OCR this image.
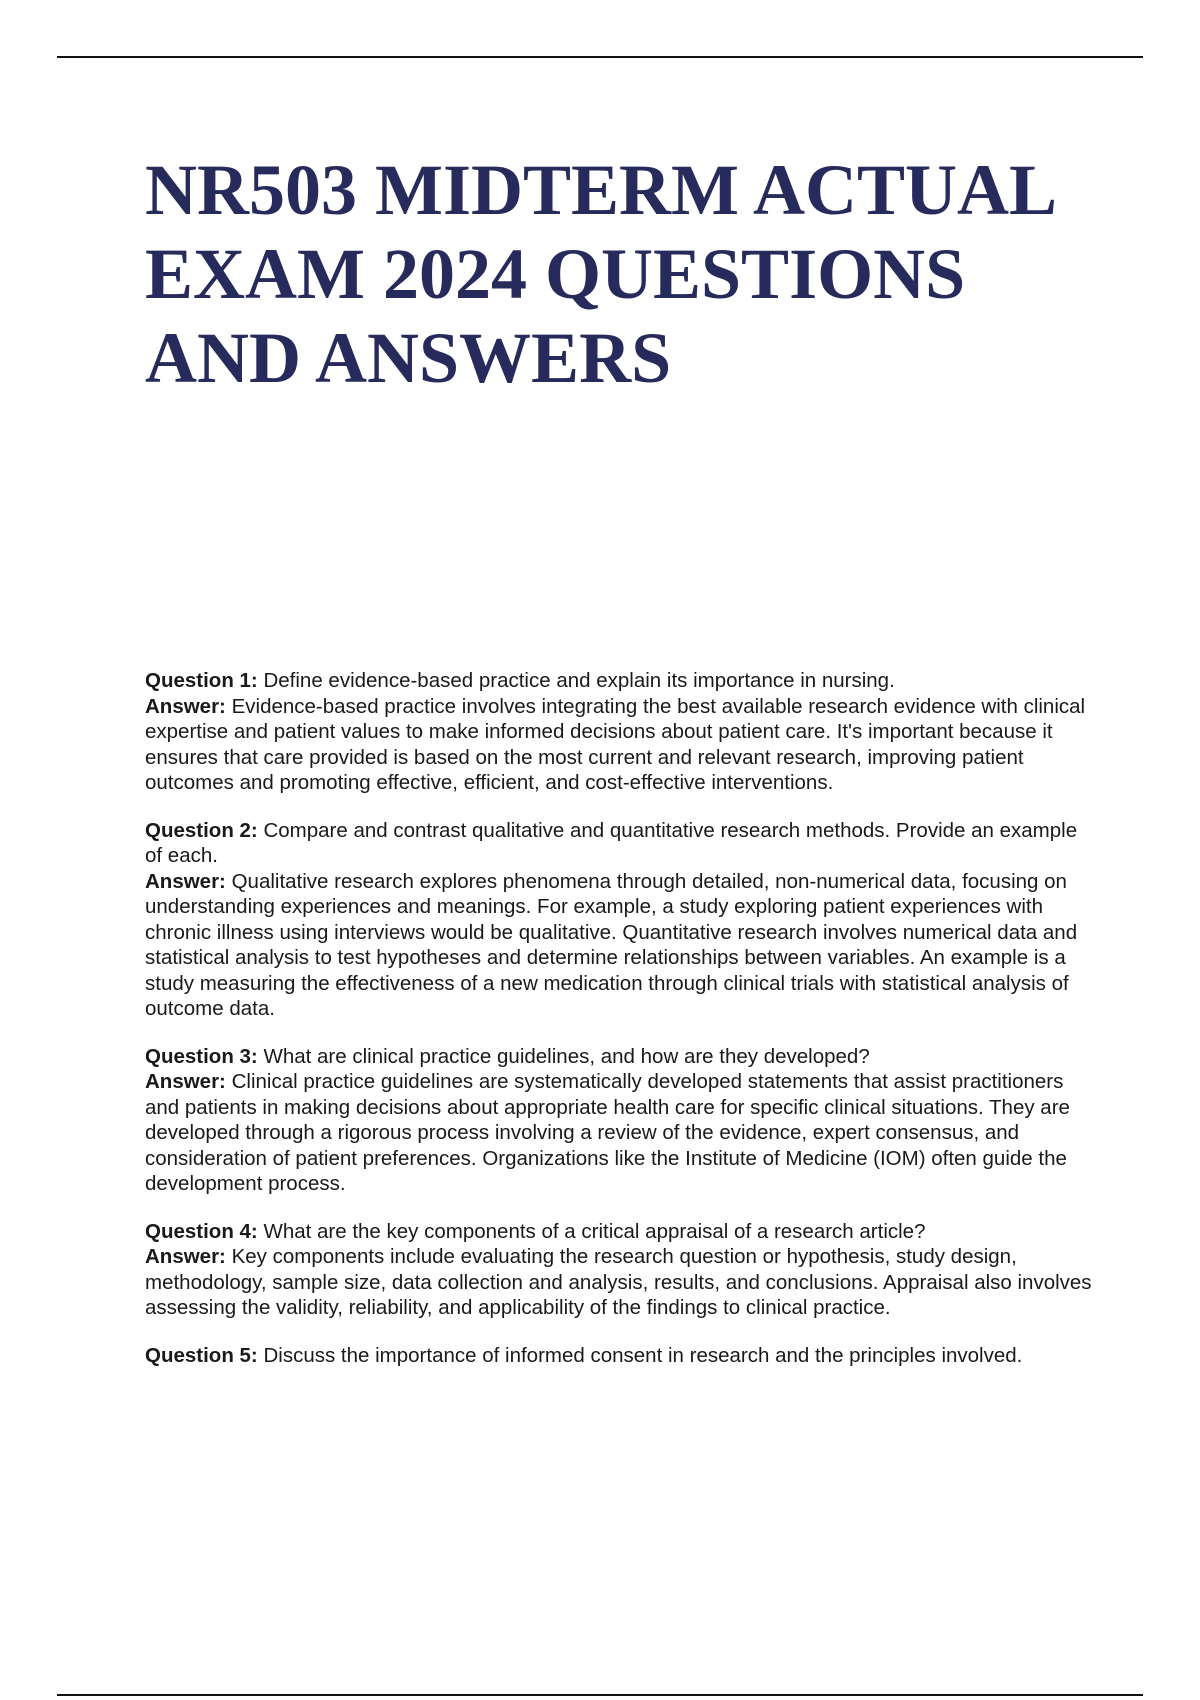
NR503 MIDTERM ACTUAL
EXAM 2024 QUESTIONS
AND ANSWERS

Question 1: Define evidence-based practice and explain its importance in nursing.

Answer: Evidence-based practice involves integrating the best available research evidence with clinical expertise and patient values to make informed decisions about patient care. It's important because it ensures that care provided is based on the most current and relevant research, improving patient outcomes and promoting effective, efficient, and cost-effective interventions.

Question 2: Compare and contrast qualitative and quantitative research methods. Provide an example of each.

Answer: Qualitative research explores phenomena through detailed, non-numerical data, focusing on understanding experiences and meanings. For example, a study exploring patient experiences with chronic illness using interviews would be qualitative. Quantitative research involves numerical data and statistical analysis to test hypotheses and determine relationships between variables. An example is a study measuring the effectiveness of a new medication through clinical trials with statistical analysis of outcome data.

Question 3: What are clinical practice guidelines, and how are they developed?

Answer: Clinical practice guidelines are systematically developed statements that assist practitioners and patients in making decisions about appropriate health care for specific clinical situations. They are developed through a rigorous process involving a review of the evidence, expert consensus, and consideration of patient preferences. Organizations like the Institute of Medicine (IOM) often guide the development process.

Question 4: What are the key components of a critical appraisal of a research article?

Answer: Key components include evaluating the research question or hypothesis, study design, methodology, sample size, data collection and analysis, results, and conclusions. Appraisal also involves assessing the validity, reliability, and applicability of the findings to clinical practice.

Question 5: Discuss the importance of informed consent in research and the principles involved.
